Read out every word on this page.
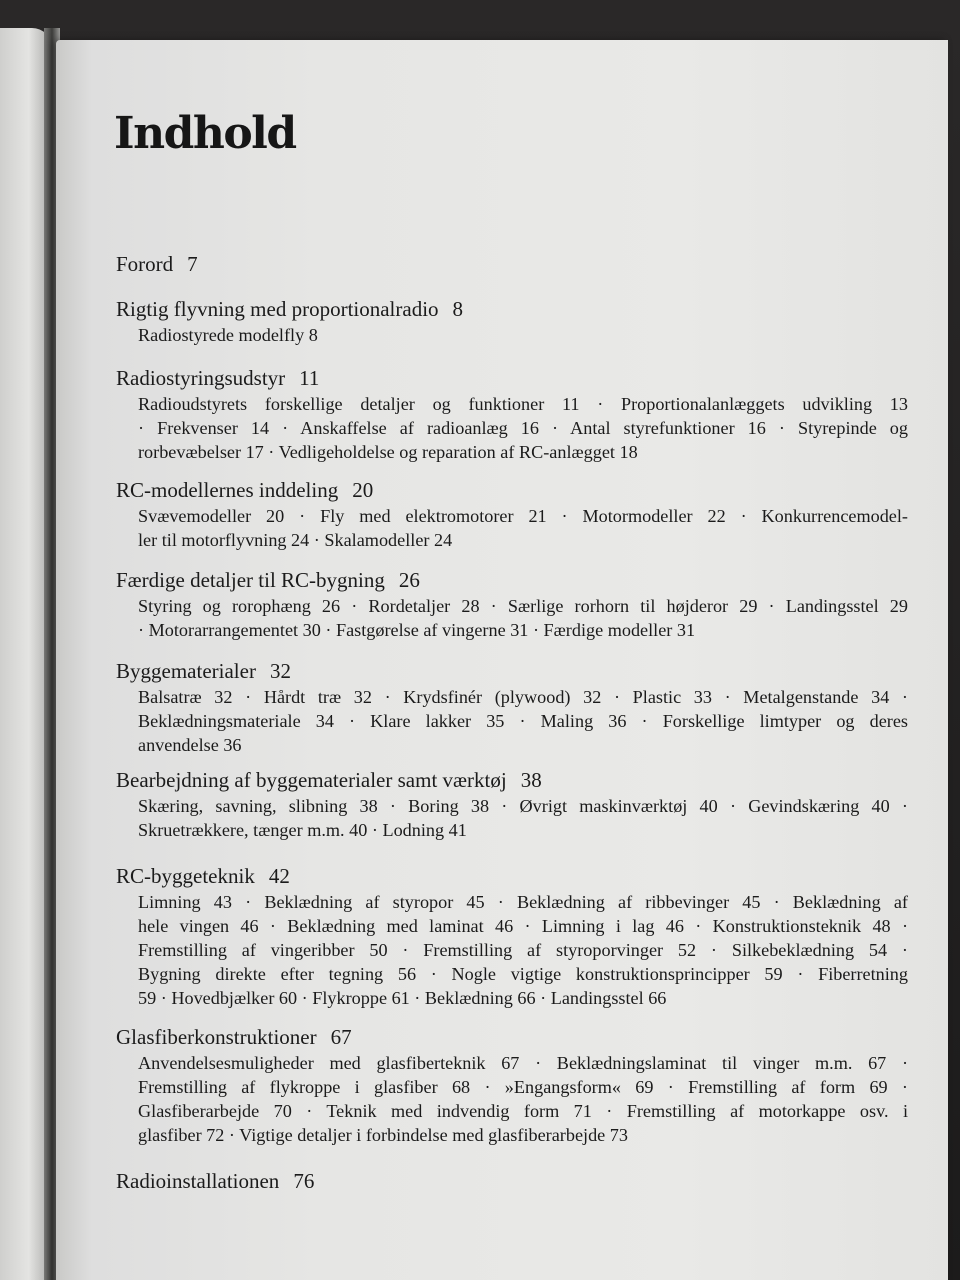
Indhold
Forord 7
Rigtig flyvning med proportionalradio 8
Radiostyrede modelfly 8
Radiostyringsudstyr 11
Radioudstyrets forskellige detaljer og funktioner 11 · Proportionalanlæggets udvikling 13
· Frekvenser 14 · Anskaffelse af radioanlæg 16 · Antal styrefunktioner 16 · Styrepinde og
rorbevæbelser 17 · Vedligeholdelse og reparation af RC-anlægget 18
RC-modellernes inddeling 20
Svævemodeller 20 · Fly med elektromotorer 21 · Motormodeller 22 · Konkurrencemodel-
ler til motorflyvning 24 · Skalamodeller 24
Færdige detaljer til RC-bygning 26
Styring og rorophæng 26 · Rordetaljer 28 · Særlige rorhorn til højderor 29 · Landingsstel 29
· Motorarrangementet 30 · Fastgørelse af vingerne 31 · Færdige modeller 31
Byggematerialer 32
Balsatræ 32 · Hårdt træ 32 · Krydsfinér (plywood) 32 · Plastic 33 · Metalgenstande 34 ·
Beklædningsmateriale 34 · Klare lakker 35 · Maling 36 · Forskellige limtyper og deres
anvendelse 36
Bearbejdning af byggematerialer samt værktøj 38
Skæring, savning, slibning 38 · Boring 38 · Øvrigt maskinværktøj 40 · Gevindskæring 40 ·
Skruetrækkere, tænger m.m. 40 · Lodning 41
RC-byggeteknik 42
Limning 43 · Beklædning af styropor 45 · Beklædning af ribbevinger 45 · Beklædning af
hele vingen 46 · Beklædning med laminat 46 · Limning i lag 46 · Konstruktionsteknik 48 ·
Fremstilling af vingeribber 50 · Fremstilling af styroporvinger 52 · Silkebeklædning 54 ·
Bygning direkte efter tegning 56 · Nogle vigtige konstruktionsprincipper 59 · Fiberretning
59 · Hovedbjælker 60 · Flykroppe 61 · Beklædning 66 · Landingsstel 66
Glasfiberkonstruktioner 67
Anvendelsesmuligheder med glasfiberteknik 67 · Beklædningslaminat til vinger m.m. 67 ·
Fremstilling af flykroppe i glasfiber 68 · »Engangsform« 69 · Fremstilling af form 69 ·
Glasfiberarbejde 70 · Teknik med indvendig form 71 · Fremstilling af motorkappe osv. i
glasfiber 72 · Vigtige detaljer i forbindelse med glasfiberarbejde 73
Radioinstallationen 76
